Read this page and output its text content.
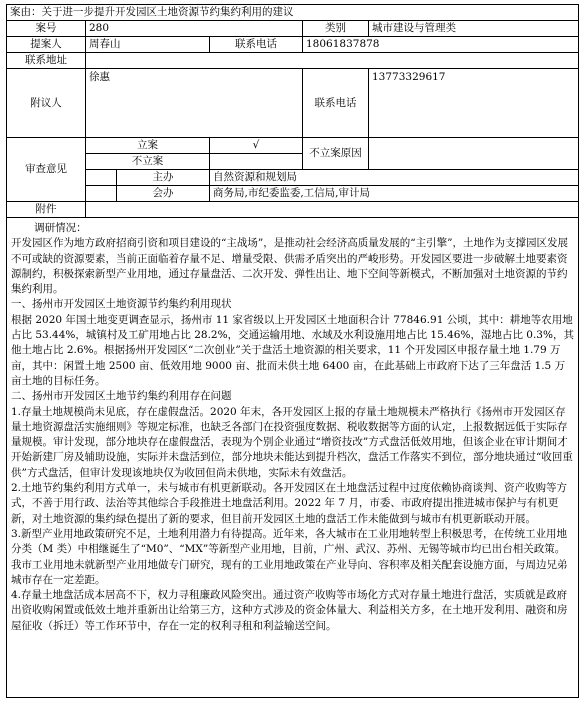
案由：关于进一步提升开发园区土地资源节约集约利用的建议					
案号	280			类别	城市建设与管理类
提案人	周春山		联系电话	18061837878	
联系地址					
附议人	徐惠			联系电话	13773329617
审查意见	立案		√	不立案原因	
	不立案				
		主办	自然资源和规划局		
		会办	商务局,市纪委监委,工信局,审计局		
附件					

调研情况：

开发园区作为地方政府招商引资和项目建设的“主战场”，是推动社会经济高质量发展的“主引擎”，土地作为支撑园区发展不可或缺的资源要素，当前正面临着存量不足、增量受限、供需矛盾突出的严峻形势。开发园区要进一步破解土地要素资源制约，积极探索新型产业用地，通过存量盘活、二次开发、弹性出让、地下空间等新模式，不断加强对土地资源的节约集约利用。

一、扬州市开发园区土地资源节约集约利用现状

根据 2020 年国土地变更调查显示，扬州市 11 家省级以上开发园区土地面积合计 77846.91 公顷，其中：耕地等农用地占比 53.44%，城镇村及工矿用地占比 28.2%，交通运输用地、水域及水利设施用地占比 15.46%，湿地占比 0.3%，其他土地占比 2.6%。根据扬州开发园区“二次创业”关于盘活土地资源的相关要求，11 个开发园区申报存量土地 1.79 万亩，其中：闲置土地 2500 亩、低效用地 9000 亩、批而未供土地 6400 亩，在此基础上市政府下达了三年盘活 1.5 万亩土地的目标任务。

二、扬州市开发园区土地节约集约利用存在问题

1.存量土地规模尚未见底，存在虚假盘活。2020 年末，各开发园区上报的存量土地规模未严格执行《扬州市开发园区存量土地资源盘活实施细则》等规定标准，也缺乏各部门在投资强度数据、税收数据等方面的认定，上报数据远低于实际存量规模。审计发现，部分地块存在虚假盘活，表现为个别企业通过“增资技改”方式盘活低效用地，但该企业在审计期间才开始新建厂房及辅助设施，实际并未盘活到位，部分地块未能达到提升档次，盘活工作落实不到位，部分地块通过“收回重供”方式盘活，但审计发现该地块仅为收回但尚未供地，实际未有效盘活。

2.土地节约集约利用方式单一，未与城市有机更新联动。各开发园区在土地盘活过程中过度依赖协商谈判、资产收购等方式，不善于用行政、法治等其他综合手段推进土地盘活利用。2022 年 7 月，市委、市政府提出推进城市保护与有机更新，对土地资源的集约绿色提出了新的要求，但目前开发园区土地的盘活工作未能做到与城市有机更新联动开展。

3.新型产业用地政策研究不足，土地利用潜力有待提高。近年来，各大城市在工业用地转型上积极思考，在传统工业用地分类（M 类）中相继诞生了“M0”、“MX”等新型产业用地，目前，广州、武汉、苏州、无锡等城市均已出台相关政策。我市工业用地未就新型产业用地做专门研究，现有的工业用地政策在产业导向、容积率及相关配套设施方面，与周边兄弟城市存在一定差距。

4.存量土地盘活成本居高不下，权力寻租廉政风险突出。通过资产收购等市场化方式对存量土地进行盘活，实质就是政府出资收购闲置或低效土地并重新出让给第三方，这种方式涉及的资金体量大、利益相关方多，在土地开发利用、融资和房屋征收（拆迁）等工作环节中，存在一定的权利寻租和利益输送空间。
